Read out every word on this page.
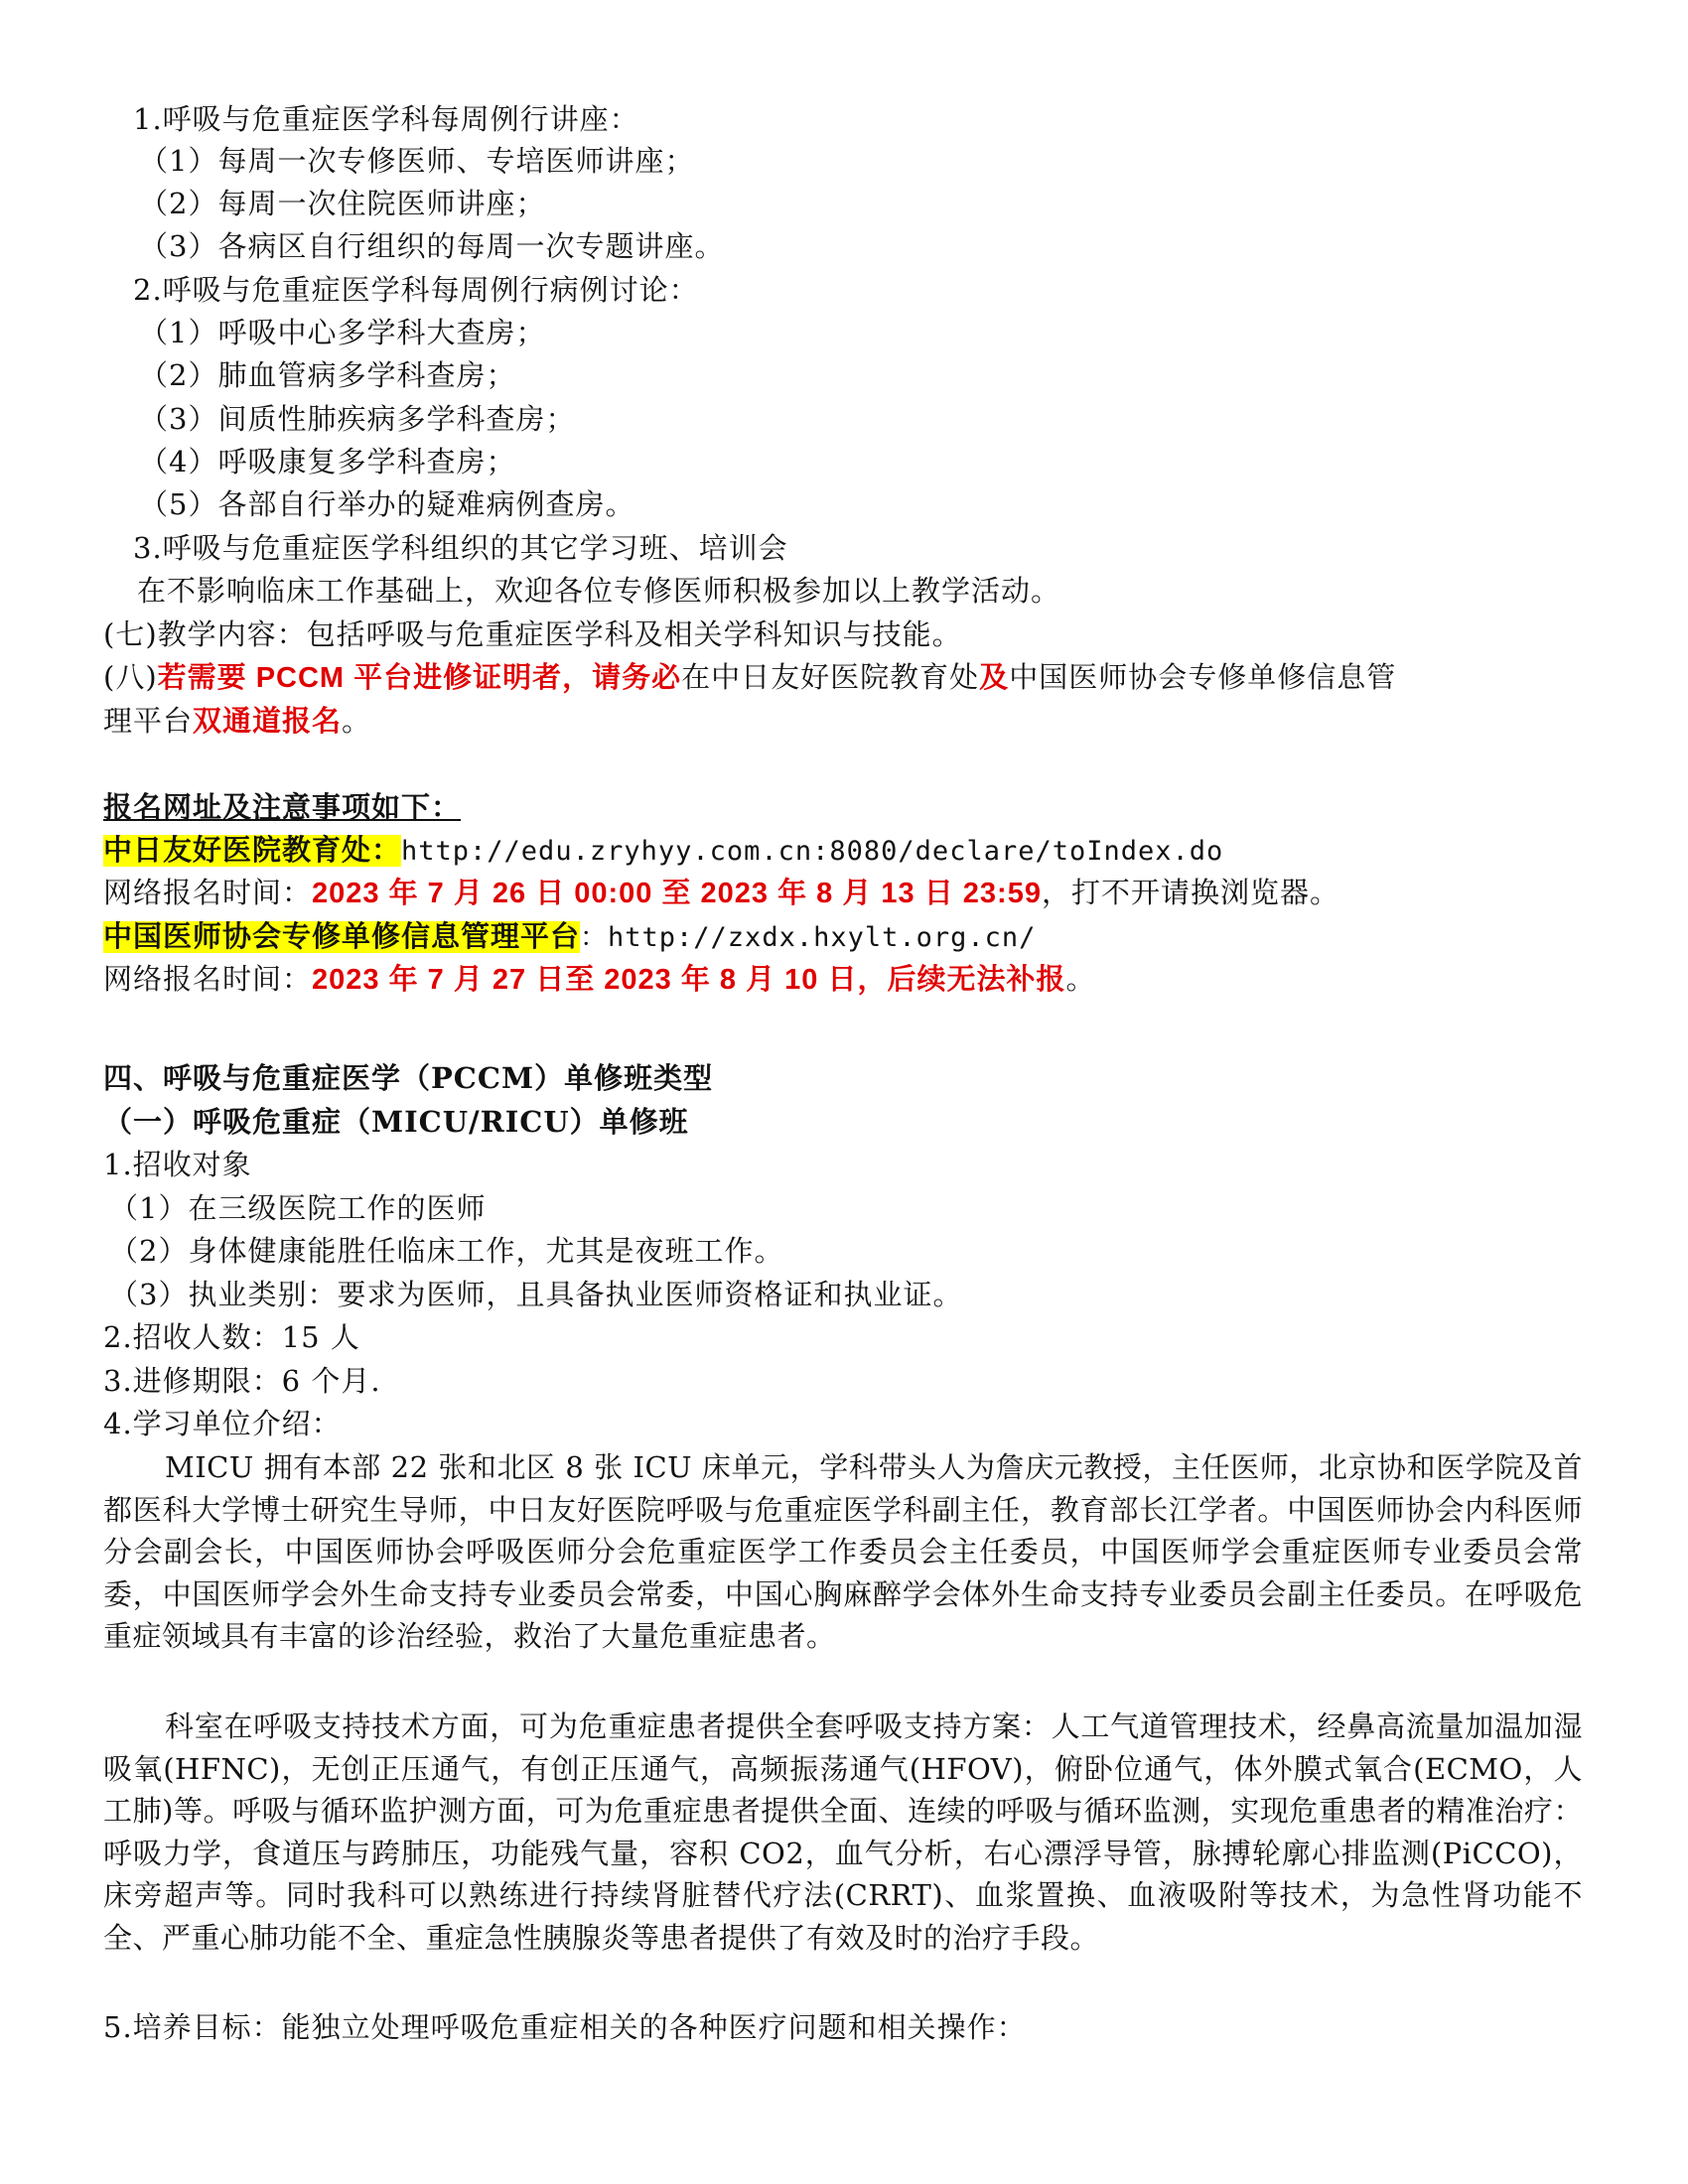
1.呼吸与危重症医学科每周例行讲座：
（1）每周一次专修医师、专培医师讲座；
（2）每周一次住院医师讲座；
（3）各病区自行组织的每周一次专题讲座。
2.呼吸与危重症医学科每周例行病例讨论：
（1）呼吸中心多学科大查房；
（2）肺血管病多学科查房；
（3）间质性肺疾病多学科查房；
（4）呼吸康复多学科查房；
（5）各部自行举办的疑难病例查房。
3.呼吸与危重症医学科组织的其它学习班、培训会
在不影响临床工作基础上，欢迎各位专修医师积极参加以上教学活动。
(七)教学内容：包括呼吸与危重症医学科及相关学科知识与技能。
(八)若需要 PCCM 平台进修证明者，请务必在中日友好医院教育处及中国医师协会专修单修信息管
理平台双通道报名。
报名网址及注意事项如下：
中日友好医院教育处：http://edu.zryhyy.com.cn:8080/declare/toIndex.do
网络报名时间：2023 年 7 月 26 日 00:00 至 2023 年 8 月 13 日 23:59，打不开请换浏览器。
中国医师协会专修单修信息管理平台：http://zxdx.hxylt.org.cn/
网络报名时间：2023 年 7 月 27 日至 2023 年 8 月 10 日，后续无法补报。
四、呼吸与危重症医学（PCCM）单修班类型
（一）呼吸危重症（MICU/RICU）单修班
1.招收对象
（1）在三级医院工作的医师
（2）身体健康能胜任临床工作，尤其是夜班工作。
（3）执业类别：要求为医师，且具备执业医师资格证和执业证。
2.招收人数：15 人
3.进修期限：6 个月.
4.学习单位介绍：
MICU 拥有本部 22 张和北区 8 张 ICU 床单元，学科带头人为詹庆元教授，主任医师，北京协和医学院及首都医科大学博士研究生导师，中日友好医院呼吸与危重症医学科副主任，教育部长江学者。中国医师协会内科医师分会副会长，中国医师协会呼吸医师分会危重症医学工作委员会主任委员，中国医师学会重症医师专业委员会常委，中国医师学会外生命支持专业委员会常委，中国心胸麻醉学会体外生命支持专业委员会副主任委员。在呼吸危重症领域具有丰富的诊治经验，救治了大量危重症患者。
科室在呼吸支持技术方面，可为危重症患者提供全套呼吸支持方案：人工气道管理技术，经鼻高流量加温加湿吸氧(HFNC)，无创正压通气，有创正压通气，高频振荡通气(HFOV)，俯卧位通气，体外膜式氧合(ECMO，人工肺)等。呼吸与循环监护测方面，可为危重症患者提供全面、连续的呼吸与循环监测，实现危重患者的精准治疗：呼吸力学，食道压与跨肺压，功能残气量，容积 CO2，血气分析，右心漂浮导管，脉搏轮廓心排监测(PiCCO)，床旁超声等。同时我科可以熟练进行持续肾脏替代疗法(CRRT)、血浆置换、血液吸附等技术，为急性肾功能不全、严重心肺功能不全、重症急性胰腺炎等患者提供了有效及时的治疗手段。
5.培养目标：能独立处理呼吸危重症相关的各种医疗问题和相关操作：
